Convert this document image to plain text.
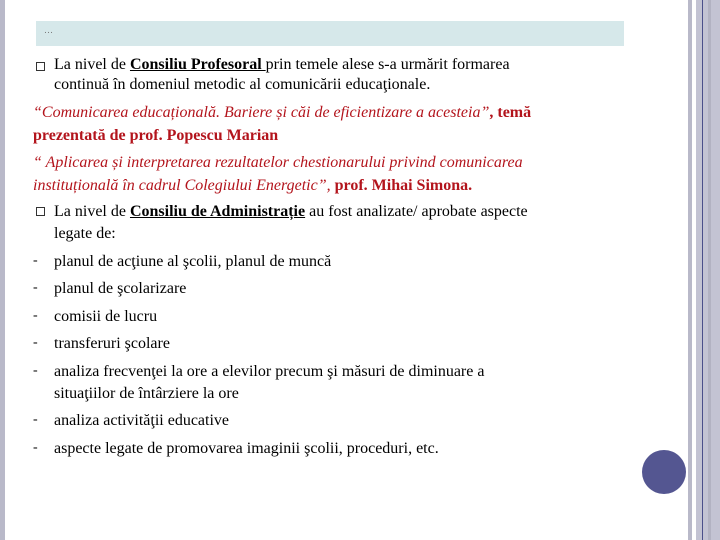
…
La nivel de Consiliu Profesoral prin temele alese s-a urmărit formarea
continuă în domeniul metodic al comunicării educaţionale.
“Comunicarea educațională. Bariere și căi de eficientizare a acesteia”, temă
prezentată de prof. Popescu Marian
“ Aplicarea și interpretarea rezultatelor chestionarului privind comunicarea
instituțională în cadrul Colegiului Energetic”, prof. Mihai Simona.
La nivel de Consiliu de Administrație au fost analizate/ aprobate aspecte
legate de:
- planul de acţiune al şcolii, planul de muncă
- planul de şcolarizare
- comisii de lucru
- transferuri şcolare
- analiza frecvenţei la ore a elevilor precum şi măsuri de diminuare a
situaţiilor de întârziere la ore
- analiza activităţii educative
- aspecte legate de promovarea imaginii şcolii, proceduri, etc.
